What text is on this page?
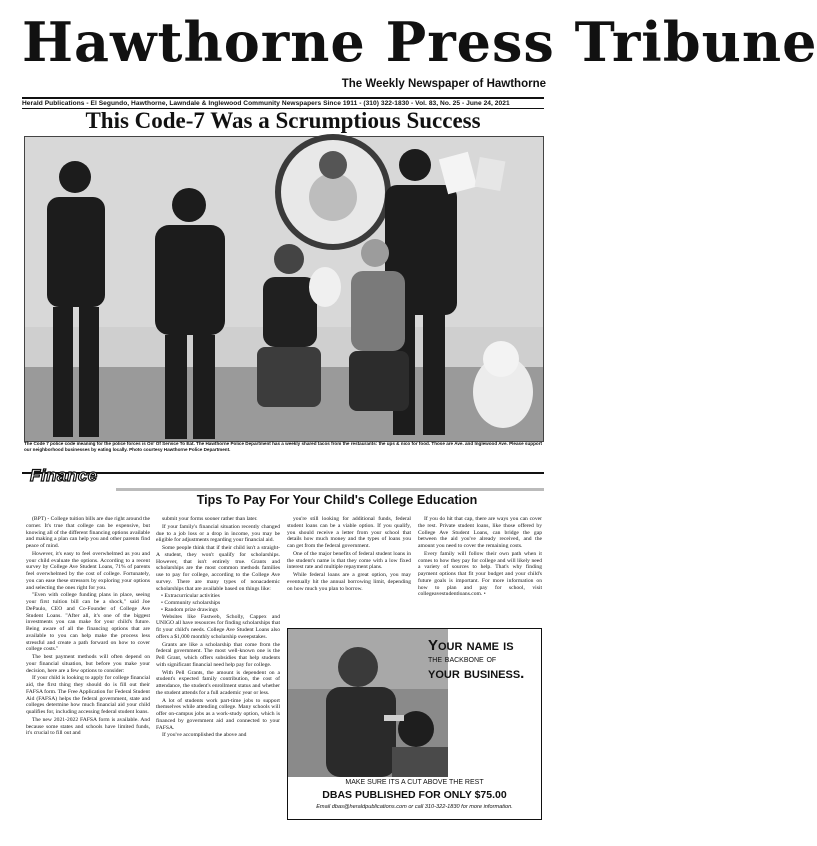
Hawthorne Press Tribune
The Weekly Newspaper of Hawthorne
Herald Publications - El Segundo, Hawthorne, Lawndale & Inglewood Community Newspapers Since 1911 - (310) 322-1830 - Vol. 83, No. 25 - June 24, 2021
This Code-7 Was a Scrumptious Success
The Code 7 police code meaning for the police forces is On' Of Service To Eat. The Hawthorne Police Department has a weekly shared tacos from the restaurants: the ups & nico for food. Those are Ave. and Inglewood Ave. Please support our neighborhood businesses by eating locally. Photo courtesy Hawthorne Police Department.
Finance
Tips To Pay For Your Child's College Education

(BPT) - College tuition bills are due right around the corner. It's true that college can be expensive, but knowing all of the different financing options available and making a plan can help you and other parents find peace of mind.

However, it's easy to feel overwhelmed as you and your child evaluate the options. According to a recent survey by College Ave Student Loans, 71% of parents feel overwhelmed by the cost of college. Fortunately, you can ease these stressors by exploring your options and selecting the ones right for you.

"Even with college funding plans in place, seeing your first tuition bill can be a shock," said Joe DePaulo, CEO and Co-Founder of College Ave Student Loans. "After all, it's one of the biggest investments you can make for your child's future. Being aware of all the financing options that are available to you can help make the process less stressful and create a path forward on how to cover college costs."

The best payment methods will often depend on your financial situation, but before you make your decision, here are a few options to consider:

If your child is looking to apply for college financial aid, the first thing they should do is fill out their FAFSA form. The Free Application for Federal Student Aid (FAFSA) helps the federal government, state and colleges determine how much financial aid your child qualifies for, including accessing federal student loans.

The new 2021-2022 FAFSA form is available. And because some states and schools have limited funds, it's crucial to fill out and

submit your forms sooner rather than later.

If your family's financial situation recently changed due to a job loss or a drop in income, you may be eligible for adjustments regarding your financial aid.

Some people think that if their child isn't a straight-A student, they won't qualify for scholarships. However, that isn't entirely true. Grants and scholarships are the most common methods families use to pay for college, according to the College Ave survey. There are many types of nonacademic scholarships that are available based on things like:

• Extracurricular activities
• Community scholarships
• Random prize drawings

Websites like Fastweb, Scholly, Cappex and UNIGO all have resources for finding scholarships that fit your child's needs. College Ave Student Loans also offers a $1,000 monthly scholarship sweepstakes.

Grants are like a scholarship that come from the federal government. The most well-known one is the Pell Grant, which offers subsidies that help students with significant financial need help pay for college.

With Pell Grants, the amount is dependent on a student's expected family contribution, the cost of attendance, the student's enrollment status and whether the student attends for a full academic year or less.

A lot of students work part-time jobs to support themselves while attending college. Many schools will offer on-campus jobs as a work-study option, which is financed by government aid and connected to your FAFSA.

If you've accomplished the above and

you're still looking for additional funds, federal student loans can be a viable option. If you qualify, you should receive a letter from your school that details how much money and the types of loans you can get from the federal government.

One of the major benefits of federal student loans in the student's name is that they come with a low fixed interest rate and multiple repayment plans.

While federal loans are a great option, you may eventually hit the annual borrowing limit, depending on how much you plan to borrow.

If you do hit that cap, there are ways you can cover the rest. Private student loans, like those offered by College Ave Student Loans, can bridge the gap between the aid you've already received, and the amount you need to cover the remaining costs.

Every family will follow their own path when it comes to how they pay for college and will likely need a variety of sources to help. That's why finding payment options that fit your budget and your child's future goals is important. For more information on how to plan and pay for school, visit collegeavestudentloans.com. •

Your name is
the backbone of
your business.
MAKE SURE ITS A CUT ABOVE THE REST
DBAS PUBLISHED FOR ONLY $75.00
Email dbas@heraldpublications.com or call 310-322-1830 for more information.
